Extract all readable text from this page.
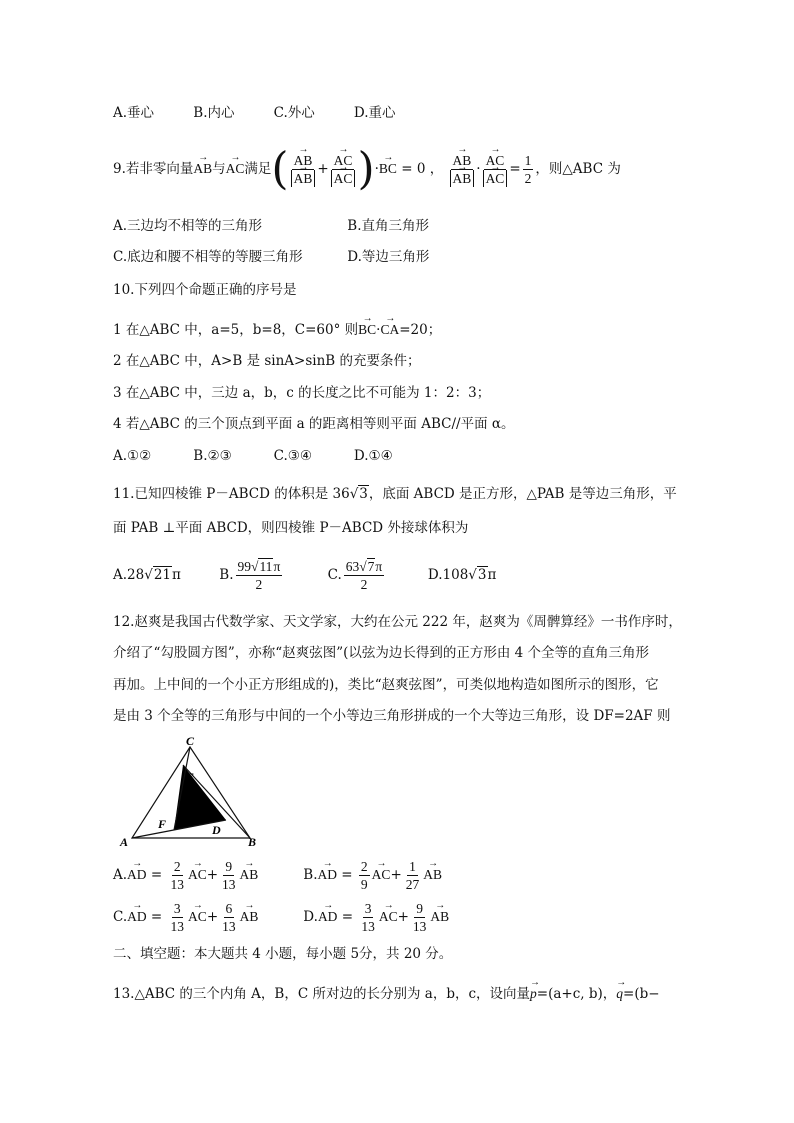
A.垂心	B.内心	C.外心	D.重心
9.若非零向量→ AB与→ AC满足(
→ AB
→ AB +
→ AC
→ AC )·→ BC = 0 ，
→ AB
→ AB ·
→ AC
→ AC = $\frac{1}{2}$ ，则△ABC 为
A.三边均不相等的三角形	B.直角三角形
C.底边和腰不相等的等腰三角形	D.等边三角形
10.下列四个命题正确的序号是
1 在△ABC 中，a=5，b=8，C=60° 则→ BC·→ CA=20；
2 在△ABC 中，A>B 是 sinA>sinB 的充要条件；
3 在△ABC 中，三边 a，b，c 的长度之比不可能为 1：2：3；
4 若△ABC 的三个顶点到平面 a 的距离相等则平面 ABC//平面 α。
A.①②	B.②③	C.③④	D.①④
11.已知四棱锥 P－ABCD 的体积是 36√3，底面 ABCD 是正方形，△PAB 是等边三角形，平
面 PAB ⊥平面 ABCD，则四棱锥 P－ABCD 外接球体积为
A.28√21π	B. $\frac{99√11\pi}{2}$	C. $\frac{63√7\pi}{2}$	D.108√3π
12.赵爽是我国古代数学家、天文学家，大约在公元 222 年，赵爽为《周髀算经》一书作序时，
介绍了“勾股圆方图”，亦称“赵爽弦图”(以弦为边长得到的正方形由 4 个全等的直角三角形
再加。上中间的一个小正方形组成的)，类比“赵爽弦图”，可类似地构造如图所示的图形，它
是由 3 个全等的三角形与中间的一个小等边三角形拼成的一个大等边三角形，设 DF=2AF 则
C
E
F	D
A	B
A.→ AD = $\frac{2}{13}$
→ $AC+ \frac{9}{13}$
→ AB	B.→ AD = $\frac{2}{9}$
→ $AC+ \frac{1}{27}$
→ AB
C.→ AD = $\frac{3}{13}$
→ $AC+ \frac{6}{13}$
→ AB	D.→ AD = $\frac{3}{13}$
→ $AC+ \frac{9}{13}$
→ AB
二、填空题：本大题共 4 小题，每小题 5分，共 20 分。
13.△ABC 的三个内角 A，B，C 所对边的长分别为 a，b，c，设向量→ p=(a+c, b)，→ q=(b−
